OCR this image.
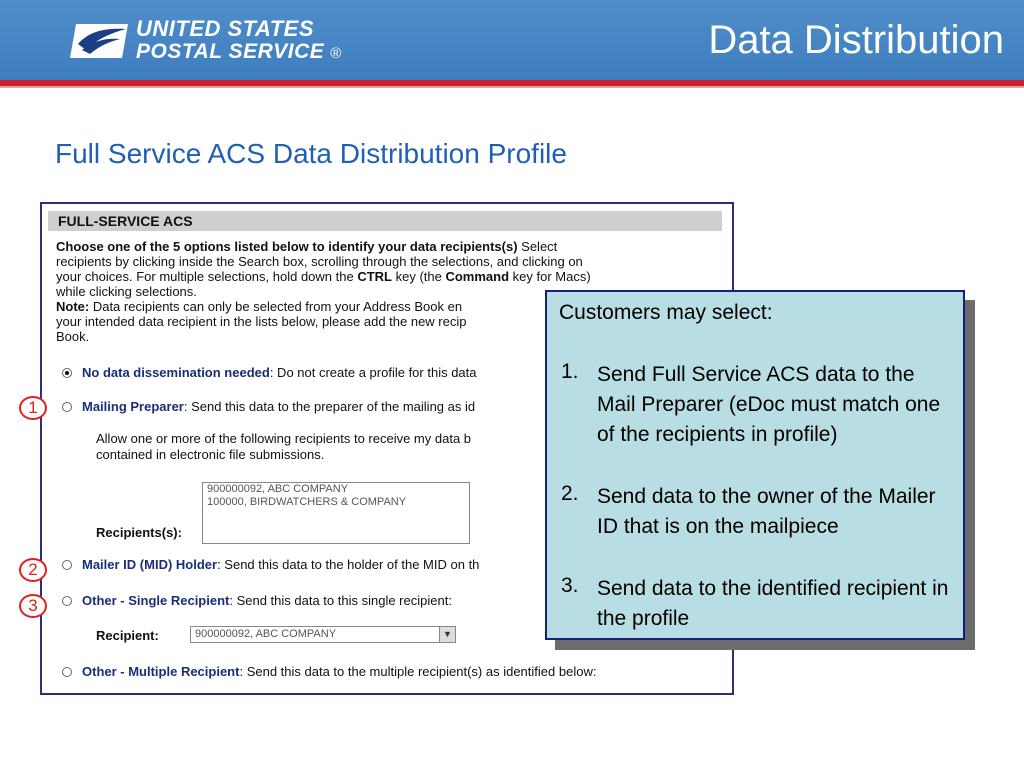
UNITED STATES
POSTAL SERVICE ®	Data Distribution
Full Service ACS Data Distribution Profile
FULL-SERVICE ACS
Choose one of the 5 options listed below to identify your data recipients(s) Select
recipients by clicking inside the Search box, scrolling through the selections, and clicking on
your choices. For multiple selections, hold down the CTRL key (the Command key for Macs)
while clicking selections.
Note: Data recipients can only be selected from your Address Book en
your intended data recipient in the lists below, please add the new recip
Book.
No data dissemination needed: Do not create a profile for this data
Mailing Preparer: Send this data to the preparer of the mailing as id
Allow one or more of the following recipients to receive my data b
contained in electronic file submissions.
900000092, ABC COMPANY
100000, BIRDWATCHERS & COMPANY
Recipients(s):
Mailer ID (MID) Holder: Send this data to the holder of the MID on th
Other - Single Recipient: Send this data to this single recipient:
Recipient:	900000092, ABC COMPANY	▼
Other - Multiple Recipient: Send this data to the multiple recipient(s) as identified below:
1
2
3
Customers may select:
1. Send Full Service ACS data to the Mail Preparer (eDoc must match one of the recipients in profile)
2. Send data to the owner of the Mailer ID that is on the mailpiece
3. Send data to the identified recipient in the profile
